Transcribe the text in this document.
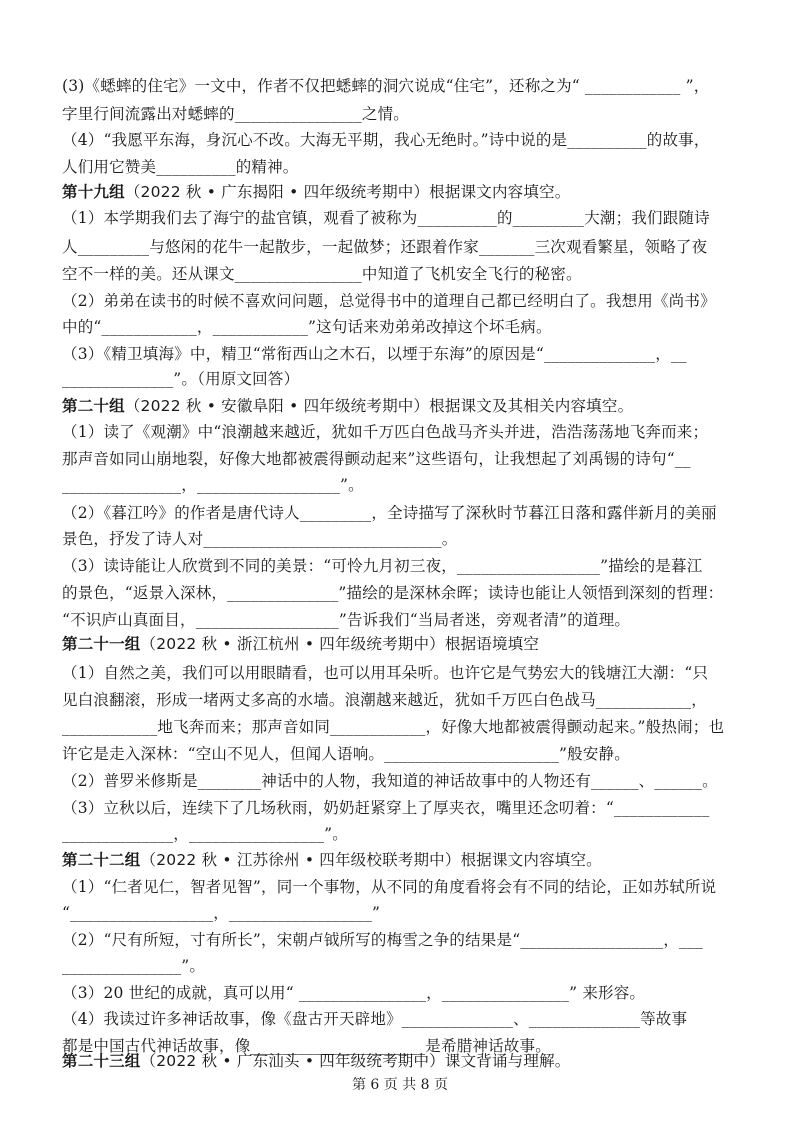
(3)《蟋蟀的住宅》一文中，作者不仅把蟋蟀的洞穴说成“住宅”，还称之为“ ____________ ”，
字里行间流露出对蟋蟀的________________之情。
（4）“我愿平东海，身沉心不改。大海无平期，我心无绝时。”诗中说的是__________的故事，
人们用它赞美__________的精神。
第十九组（2022 秋 • 广东揭阳 • 四年级统考期中）根据课文内容填空。
（1）本学期我们去了海宁的盐官镇，观看了被称为__________的_________大潮；我们跟随诗
人_________与悠闲的花牛一起散步，一起做梦；还跟着作家_______三次观看繁星，领略了夜
空不一样的美。还从课文________________中知道了飞机安全飞行的秘密。
（2）弟弟在读书的时候不喜欢问问题，总觉得书中的道理自己都已经明白了。我想用《尚书》
中的“____________，____________”这句话来劝弟弟改掉这个坏毛病。
（3）《精卫填海》中，精卫“常衔西山之木石，以堙于东海”的原因是“______________，__
______________”。（用原文回答）
第二十组（2022 秋 • 安徽阜阳 • 四年级统考期中）根据课文及其相关内容填空。
（1）读了《观潮》中“浪潮越来越近，犹如千万匹白色战马齐头并进，浩浩荡荡地飞奔而来；
那声音如同山崩地裂，好像大地都被震得颤动起来”这些语句，让我想起了刘禹锡的诗句“__
_______________，__________________”。
（2）《暮江吟》的作者是唐代诗人_________，全诗描写了深秋时节暮江日落和露伴新月的美丽
景色，抒发了诗人对______________________________。
（3）读诗能让人欣赏到不同的美景：“可怜九月初三夜，__________________”描绘的是暮江
的景色，“返景入深林，______________”描绘的是深林余晖；读诗也能让人领悟到深刻的哲理：
“不识庐山真面目，__________________”告诉我们“当局者迷，旁观者清”的道理。
第二十一组（2022 秋 • 浙江杭州 • 四年级统考期中）根据语境填空
（1）自然之美，我们可以用眼睛看，也可以用耳朵听。也许它是气势宏大的钱塘江大潮：“只
见白浪翻滚，形成一堵两丈多高的水墙。浪潮越来越近，犹如千万匹白色战马____________，
____________地飞奔而来；那声音如同____________，好像大地都被震得颤动起来。”般热闹；也
许它是走入深林：“空山不见人，但闻人语响。______________________”般安静。
（2）普罗米修斯是________神话中的人物，我知道的神话故事中的人物还有______、______。
（3）立秋以后，连续下了几场秋雨，奶奶赶紧穿上了厚夹衣，嘴里还念叨着：“____________
______________，_________________”。
第二十二组（2022 秋 • 江苏徐州 • 四年级校联考期中）根据课文内容填空。
（1）“仁者见仁，智者见智”，同一个事物，从不同的角度看将会有不同的结论，正如苏轼所说
“__________________，__________________”
（2）“尺有所短，寸有所长”，宋朝卢钺所写的梅雪之争的结果是“__________________，___
_______________”。
（3）20 世纪的成就，真可以用“ ________________，________________” 来形容。
（4）我读过许多神话故事，像《盘古开天辟地》______________、______________等故事
都是中国古代神话故事，像______________________是希腊神话故事。
第二十三组（2022 秋 • 广东汕头 • 四年级统考期中）课文背诵与理解。
第 6 页 共 8 页
